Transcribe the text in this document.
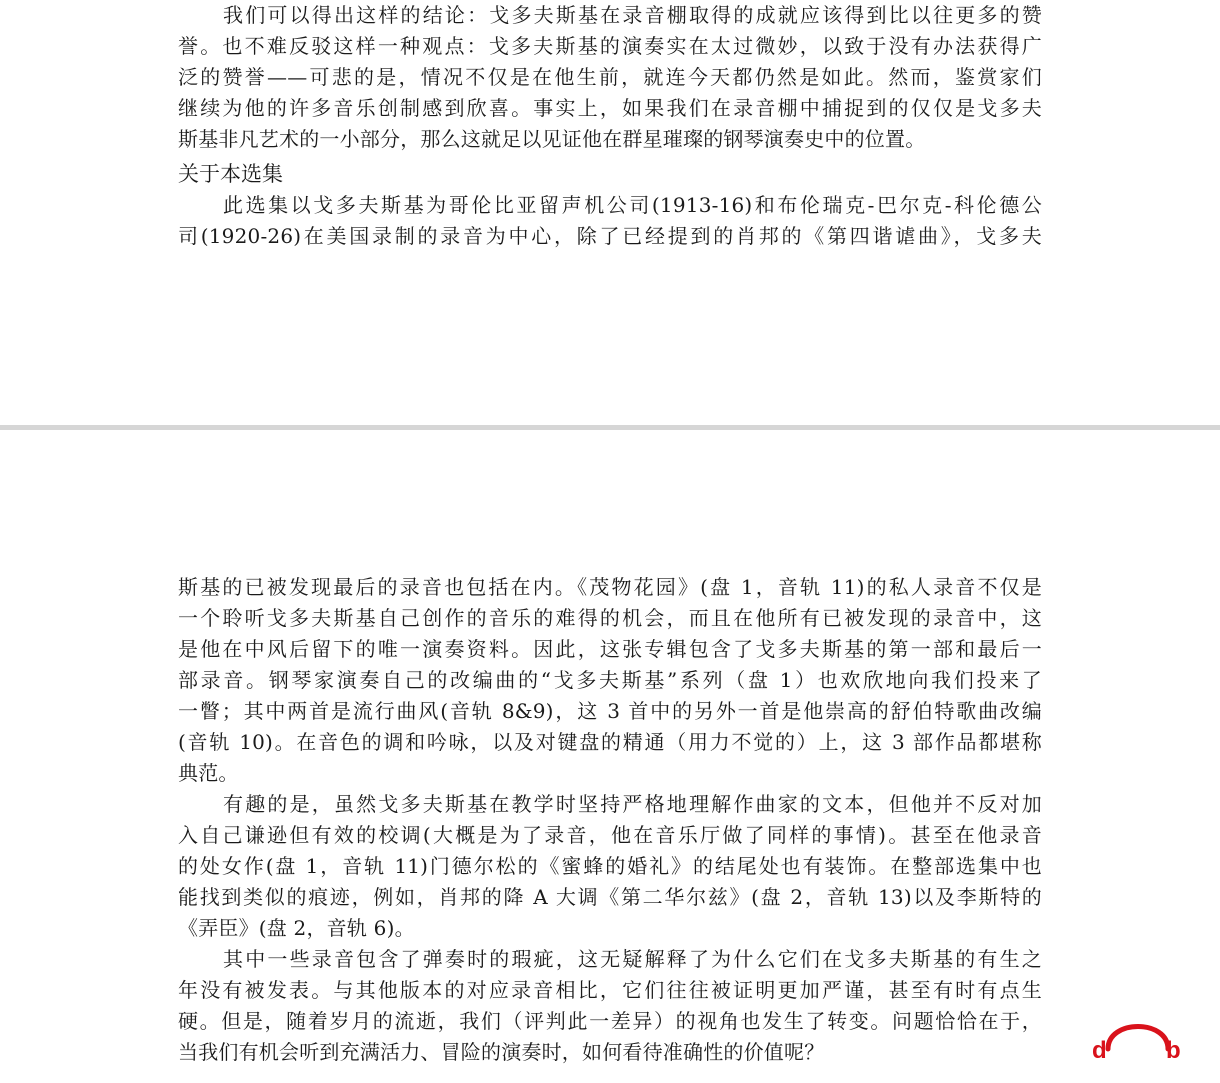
我们可以得出这样的结论：戈多夫斯基在录音棚取得的成就应该得到比以往更多的赞
誉。也不难反驳这样一种观点：戈多夫斯基的演奏实在太过微妙，以致于没有办法获得广
泛的赞誉——可悲的是，情况不仅是在他生前，就连今天都仍然是如此。然而，鉴赏家们
继续为他的许多音乐创制感到欣喜。事实上，如果我们在录音棚中捕捉到的仅仅是戈多夫
斯基非凡艺术的一小部分，那么这就足以见证他在群星璀璨的钢琴演奏史中的位置。
关于本选集
此选集以戈多夫斯基为哥伦比亚留声机公司(1913-16)和布伦瑞克-巴尔克-科伦德公
司(1920-26)在美国录制的录音为中心，除了已经提到的肖邦的《第四谐谑曲》，戈多夫
斯基的已被发现最后的录音也包括在内。《茂物花园》(盘 1，音轨 11)的私人录音不仅是
一个聆听戈多夫斯基自己创作的音乐的难得的机会，而且在他所有已被发现的录音中，这
是他在中风后留下的唯一演奏资料。因此，这张专辑包含了戈多夫斯基的第一部和最后一
部录音。钢琴家演奏自己的改编曲的“戈多夫斯基”系列（盘 1）也欢欣地向我们投来了
一瞥；其中两首是流行曲风(音轨 8&9)，这 3 首中的另外一首是他崇高的舒伯特歌曲改编
(音轨 10)。在音色的调和吟咏，以及对键盘的精通（用力不觉的）上，这 3 部作品都堪称
典范。
有趣的是，虽然戈多夫斯基在教学时坚持严格地理解作曲家的文本，但他并不反对加
入自己谦逊但有效的校调(大概是为了录音，他在音乐厅做了同样的事情)。甚至在他录音
的处女作(盘 1，音轨 11)门德尔松的《蜜蜂的婚礼》的结尾处也有装饰。在整部选集中也
能找到类似的痕迹，例如，肖邦的降 A 大调《第二华尔兹》(盘 2，音轨 13)以及李斯特的
《弄臣》(盘 2，音轨 6)。
其中一些录音包含了弹奏时的瑕疵，这无疑解释了为什么它们在戈多夫斯基的有生之
年没有被发表。与其他版本的对应录音相比，它们往往被证明更加严谨，甚至有时有点生
硬。但是，随着岁月的流逝，我们（评判此一差异）的视角也发生了转变。问题恰恰在于，
当我们有机会听到充满活力、冒险的演奏时，如何看待准确性的价值呢？	d b
